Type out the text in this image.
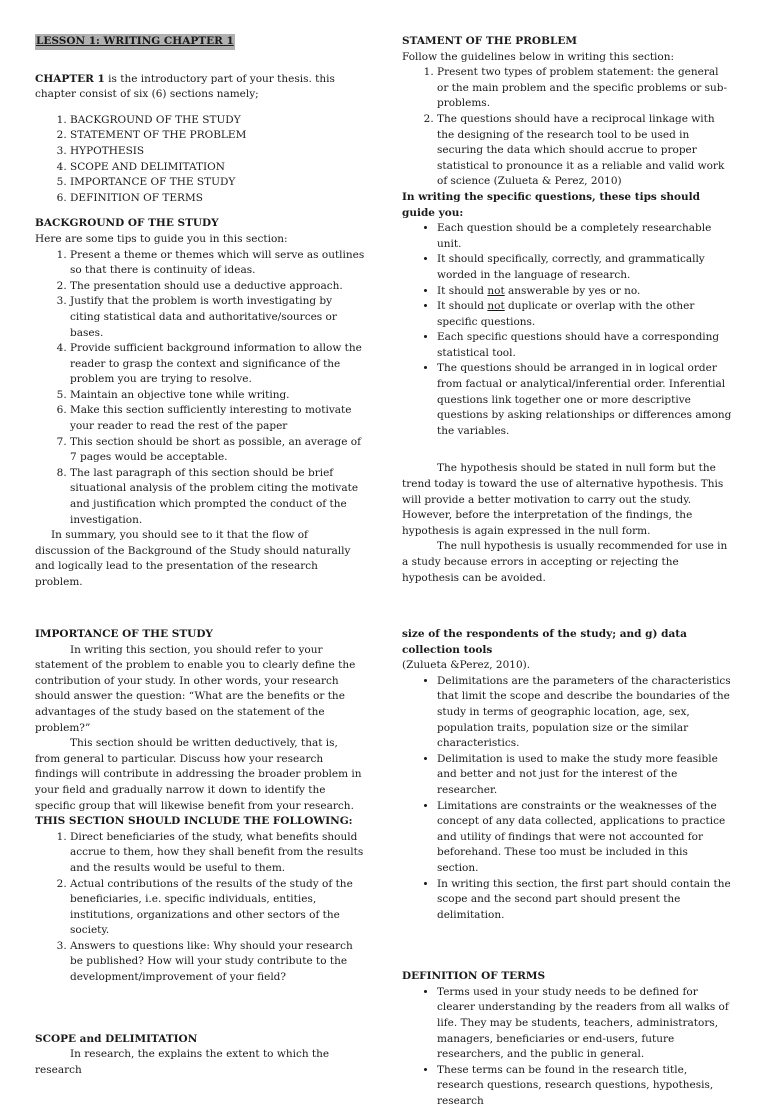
LESSON 1: WRITING CHAPTER 1

CHAPTER 1 is the introductory part of your thesis. this chapter consist of six (6) sections namely;

1. BACKGROUND OF THE STUDY
2. STATEMENT OF THE PROBLEM
3. HYPOTHESIS
4. SCOPE AND DELIMITATION
5. IMPORTANCE OF THE STUDY
6. DEFINITION OF TERMS

BACKGROUND OF THE STUDY

Here are some tips to guide you in this section:

1. Present a theme or themes which will serve as outlines so that there is continuity of ideas.
2. The presentation should use a deductive approach.
3. Justify that the problem is worth investigating by citing statistical data and authoritative/sources or bases.
4. Provide sufficient background information to allow the reader to grasp the context and significance of the problem you are trying to resolve.
5. Maintain an objective tone while writing.
6. Make this section sufficiently interesting to motivate your reader to read the rest of the paper
7. This section should be short as possible, an average of 7 pages would be acceptable.
8. The last paragraph of this section should be brief situational analysis of the problem citing the motivate and justification which prompted the conduct of the investigation.

In summary, you should see to it that the flow of discussion of the Background of the Study should naturally and logically lead to the presentation of the research problem.

STAMENT OF THE PROBLEM

Follow the guidelines below in writing this section:

1. Present two types of problem statement: the general or the main problem and the specific problems or sub-problems.
2. The questions should have a reciprocal linkage with the designing of the research tool to be used in securing the data which should accrue to proper statistical to pronounce it as a reliable and valid work of science (Zulueta & Perez, 2010)

In writing the specific questions, these tips should guide you:

• Each question should be a completely researchable unit.
• It should specifically, correctly, and grammatically worded in the language of research.
• It should not answerable by yes or no.
• It should not duplicate or overlap with the other specific questions.
• Each specific questions should have a corresponding statistical tool.
• The questions should be arranged in in logical order from factual or analytical/inferential order. Inferential questions link together one or more descriptive questions by asking relationships or differences among the variables.

The hypothesis should be stated in null form but the trend today is toward the use of alternative hypothesis. This will provide a better motivation to carry out the study. However, before the interpretation of the findings, the hypothesis is again expressed in the null form.

The null hypothesis is usually recommended for use in a study because errors in accepting or rejecting the hypothesis can be avoided.

IMPORTANCE OF THE STUDY

In writing this section, you should refer to your statement of the problem to enable you to clearly define the contribution of your study. In other words, your research should answer the question: “What are the benefits or the advantages of the study based on the statement of the problem?”

This section should be written deductively, that is, from general to particular. Discuss how your research findings will contribute in addressing the broader problem in your field and gradually narrow it down to identify the specific group that will likewise benefit from your research.

THIS SECTION SHOULD INCLUDE THE FOLLOWING:

1. Direct beneficiaries of the study, what benefits should accrue to them, how they shall benefit from the results and the results would be useful to them.
2. Actual contributions of the results of the study of the beneficiaries, i.e. specific individuals, entities, institutions, organizations and other sectors of the society.
3. Answers to questions like: Why should your research be published? How will your study contribute to the development/improvement of your field?

SCOPE and DELIMITATION

In research, the explains the extent to which the research

size of the respondents of the study; and g) data collection tools

(Zulueta &Perez, 2010).

• Delimitations are the parameters of the characteristics that limit the scope and describe the boundaries of the study in terms of geographic location, age, sex, population traits, population size or the similar characteristics.
• Delimitation is used to make the study more feasible and better and not just for the interest of the researcher.
• Limitations are constraints or the weaknesses of the concept of any data collected, applications to practice and utility of findings that were not accounted for beforehand. These too must be included in this section.
• In writing this section, the first part should contain the scope and the second part should present the delimitation.

DEFINITION OF TERMS

• Terms used in your study needs to be defined for clearer understanding by the readers from all walks of life. They may be students, teachers, administrators, managers, beneficiaries or end-users, future researchers, and the public in general.
• These terms can be found in the research title, research questions, research questions, hypothesis, research
